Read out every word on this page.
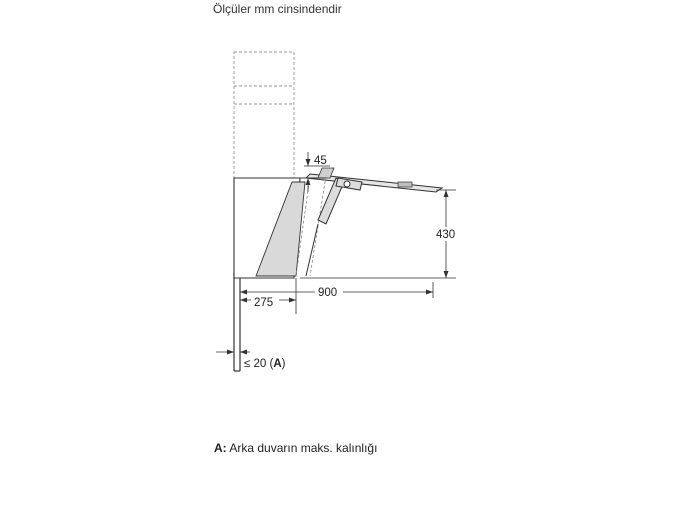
Ölçüler mm cinsindendir
45
430
275
900
≤ 20 (A)
A: Arka duvarın maks. kalınlığı
